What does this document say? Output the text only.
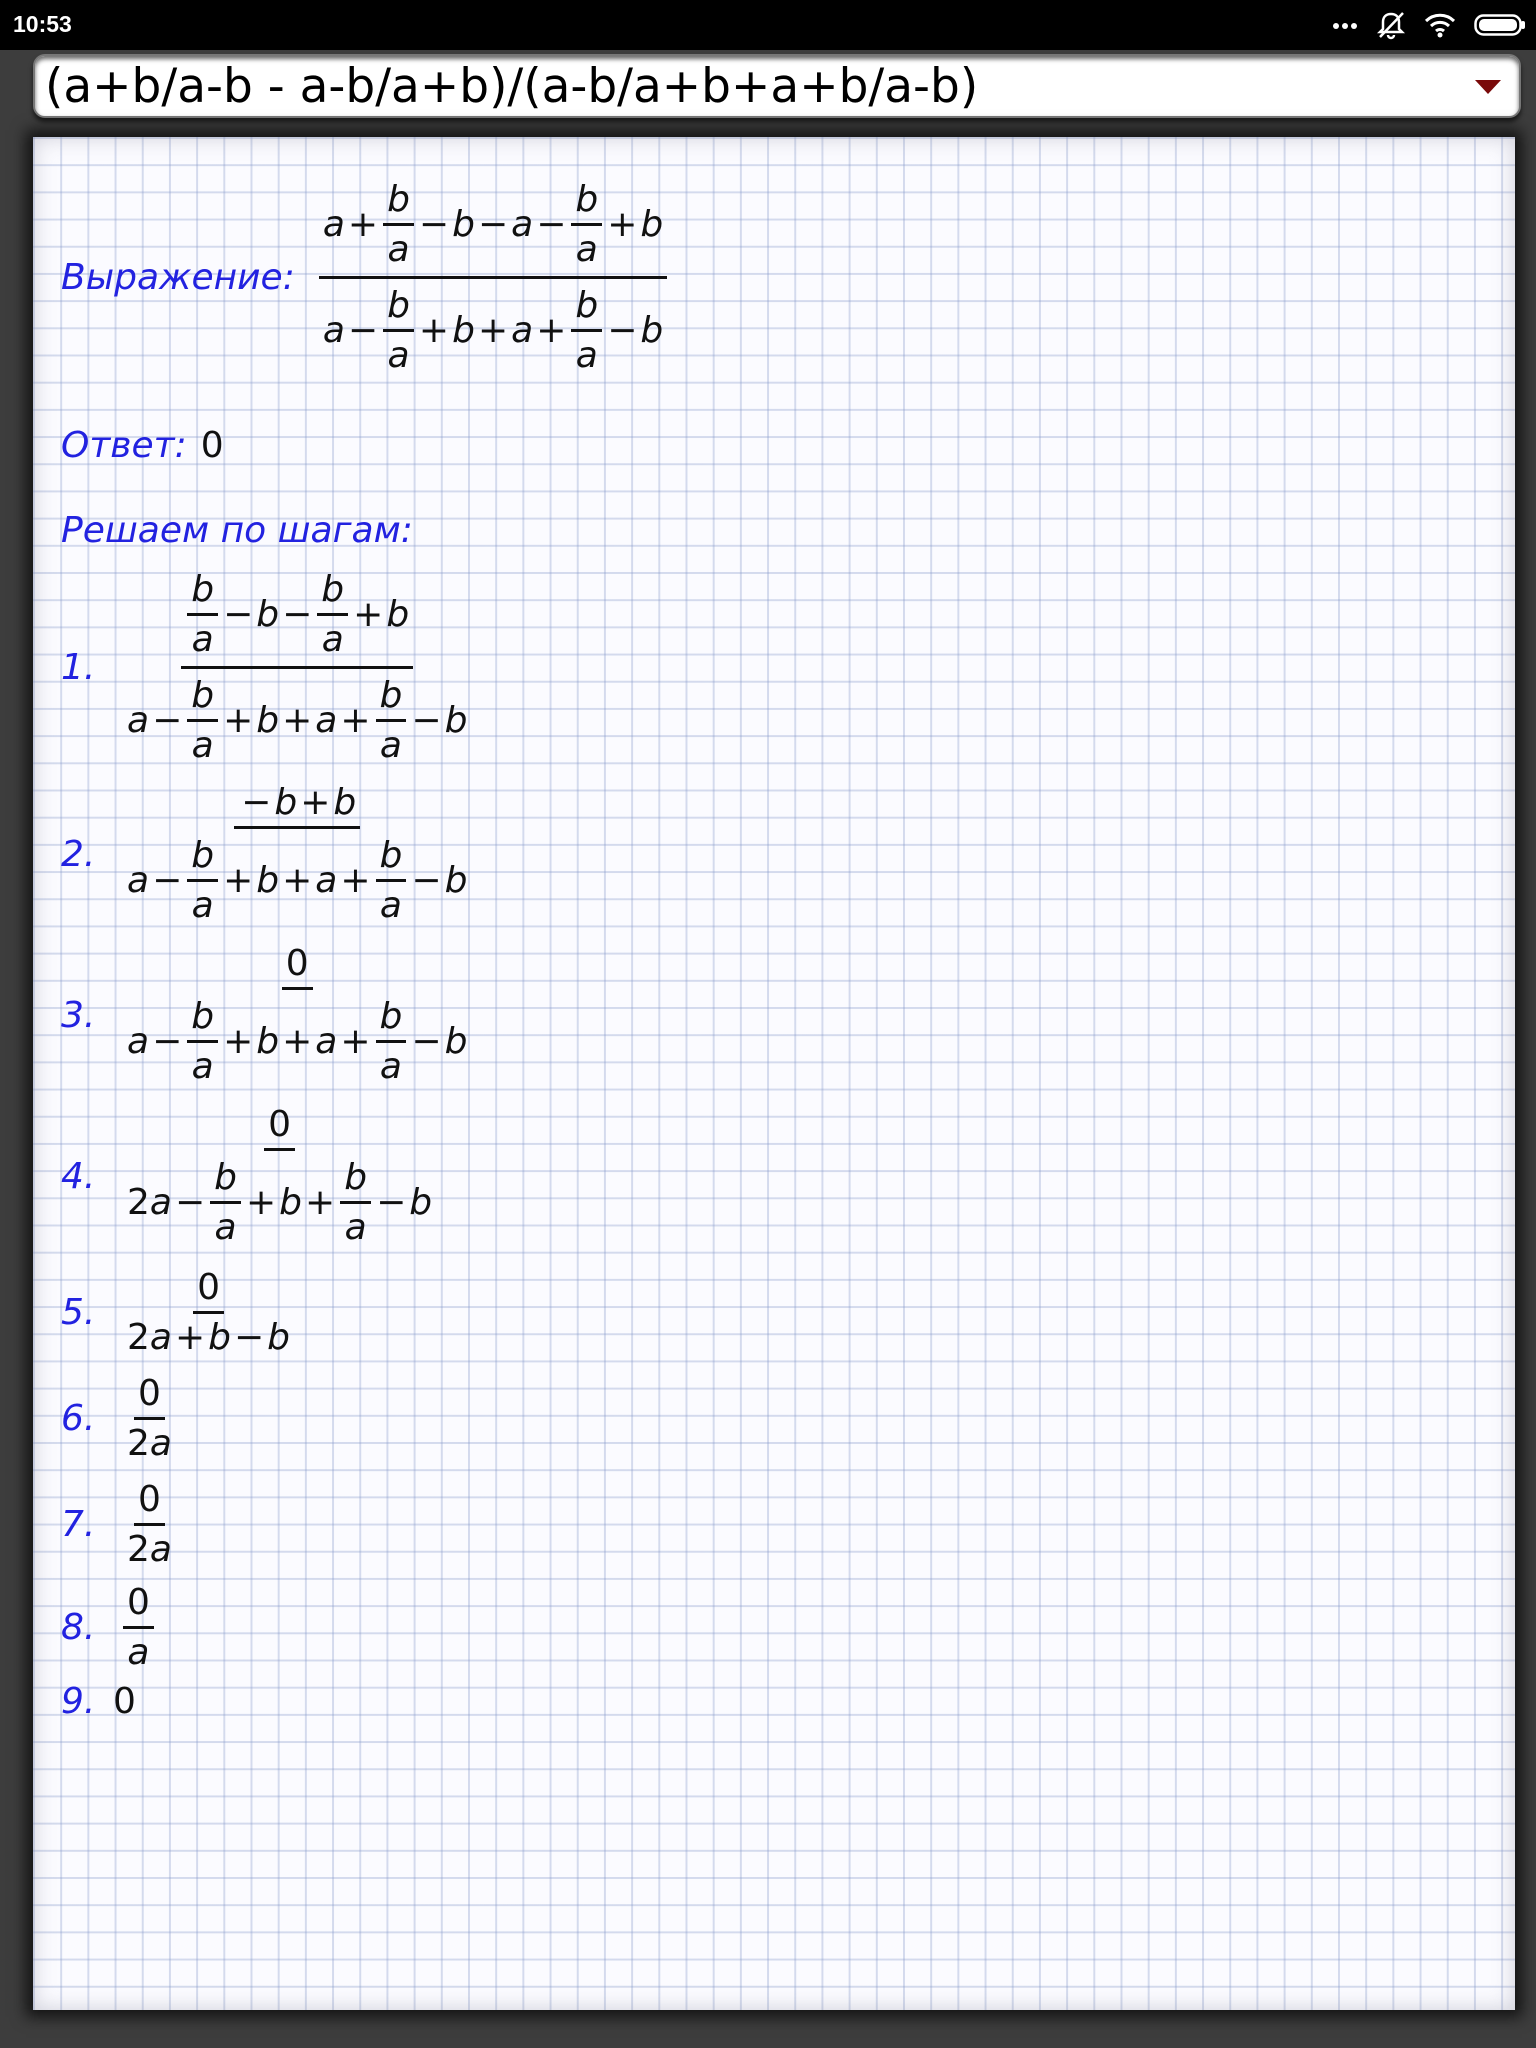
10:53
(a+b/a-b - a-b/a+b)/(a-b/a+b+a+b/a-b)
Выражение: $\frac{a + \frac{b}{a} - b - a - \frac{b}{a} + b}{a - \frac{b}{a} + b + a + \frac{b}{a} - b}$
Ответ: 0
Решаем по шагам:
1. $\frac{\frac{b}{a} - b - \frac{b}{a} + b}{a - \frac{b}{a} + b + a + \frac{b}{a} - b}$
2. $\frac{- b + b}{a - \frac{b}{a} + b + a + \frac{b}{a} - b}$
3. $\frac{0}{a - \frac{b}{a} + b + a + \frac{b}{a} - b}$
4. $\frac{0}{2 a - \frac{b}{a} + b + \frac{b}{a} - b}$
5. $\frac{0}{2 a + b - b}$
6. $\frac{0}{2 a}$
7. $\frac{0}{2 a}$
8. $\frac{0}{a}$
9. 0
